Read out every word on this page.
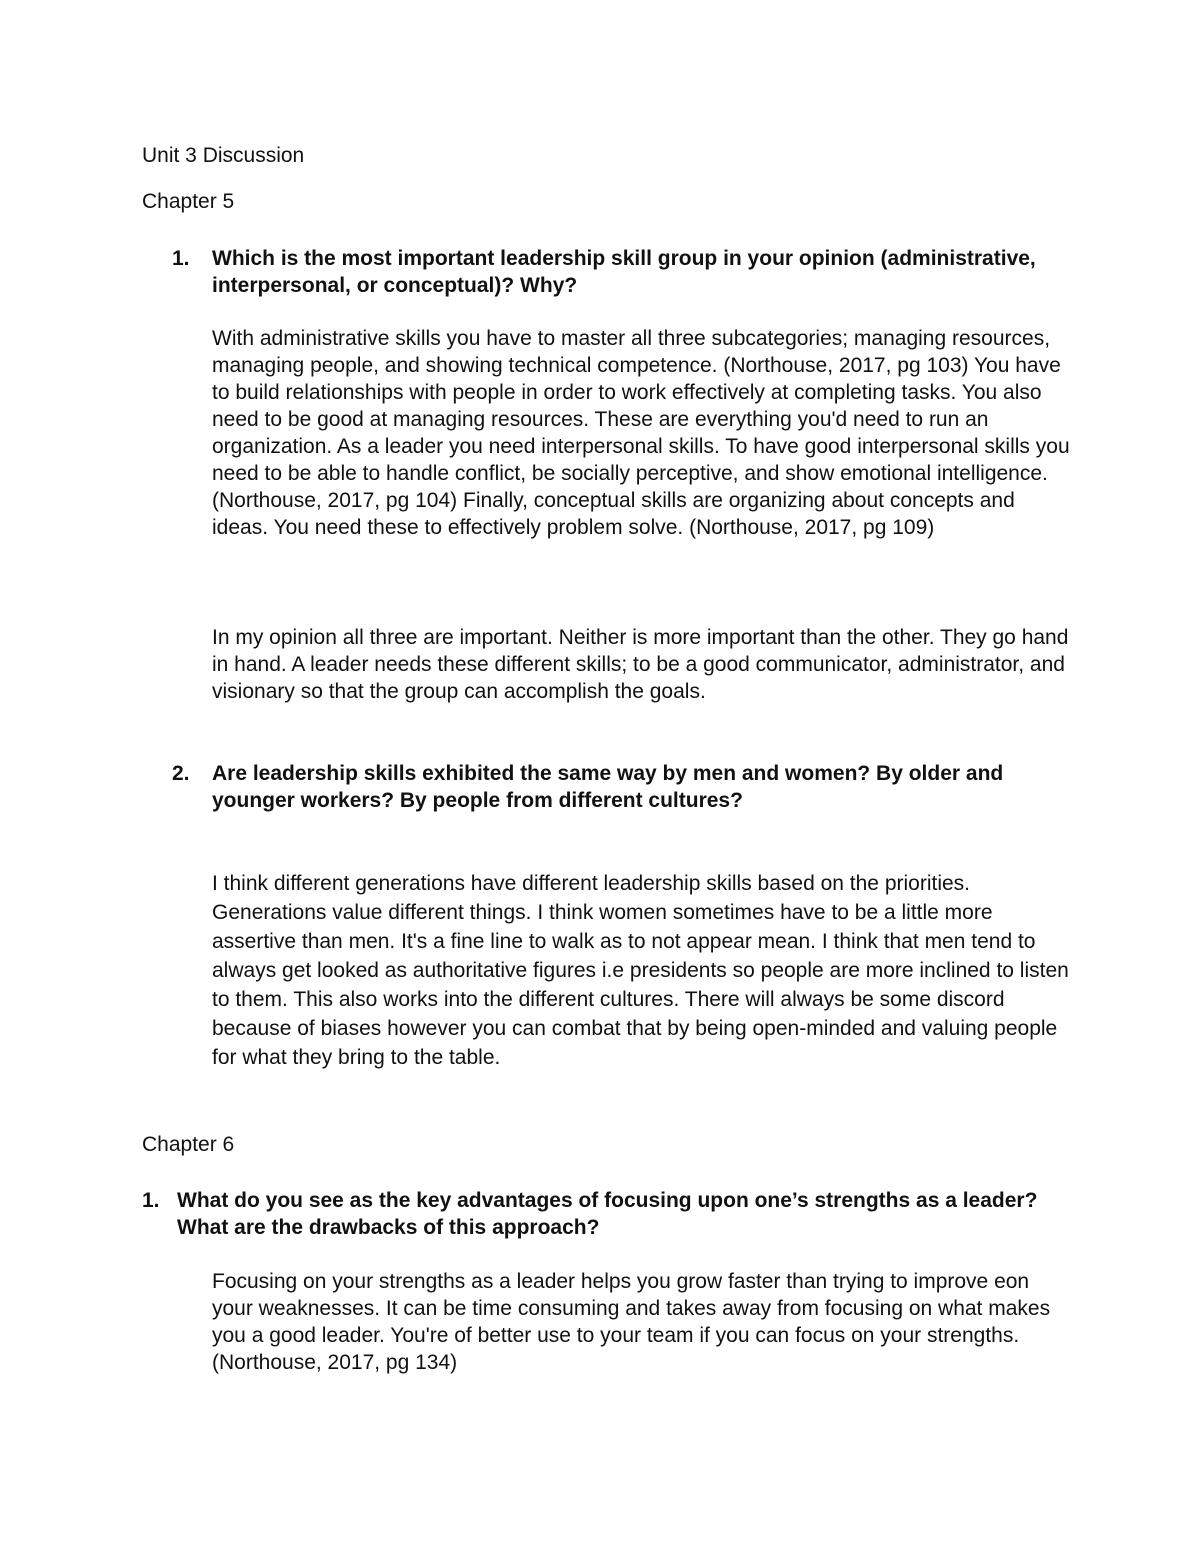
Unit 3 Discussion

Chapter 5

1. Which is the most important leadership skill group in your opinion (administrative, interpersonal, or conceptual)? Why?

With administrative skills you have to master all three subcategories; managing resources, managing people, and showing technical competence. (Northouse, 2017, pg 103) You have to build relationships with people in order to work effectively at completing tasks. You also need to be good at managing resources. These are everything you'd need to run an organization. As a leader you need interpersonal skills. To have good interpersonal skills you need to be able to handle conflict, be socially perceptive, and show emotional intelligence. (Northouse, 2017, pg 104) Finally, conceptual skills are organizing about concepts and ideas. You need these to effectively problem solve. (Northouse, 2017, pg 109)

In my opinion all three are important. Neither is more important than the other. They go hand in hand. A leader needs these different skills; to be a good communicator, administrator, and visionary so that the group can accomplish the goals.

2. Are leadership skills exhibited the same way by men and women? By older and younger workers? By people from different cultures?

I think different generations have different leadership skills based on the priorities. Generations value different things. I think women sometimes have to be a little more assertive than men. It's a fine line to walk as to not appear mean. I think that men tend to always get looked as authoritative figures i.e presidents so people are more inclined to listen to them. This also works into the different cultures. There will always be some discord because of biases however you can combat that by being open-minded and valuing people for what they bring to the table.

Chapter 6

1. What do you see as the key advantages of focusing upon one’s strengths as a leader? What are the drawbacks of this approach?

Focusing on your strengths as a leader helps you grow faster than trying to improve eon your weaknesses. It can be time consuming and takes away from focusing on what makes you a good leader. You're of better use to your team if you can focus on your strengths. (Northouse, 2017, pg 134)
